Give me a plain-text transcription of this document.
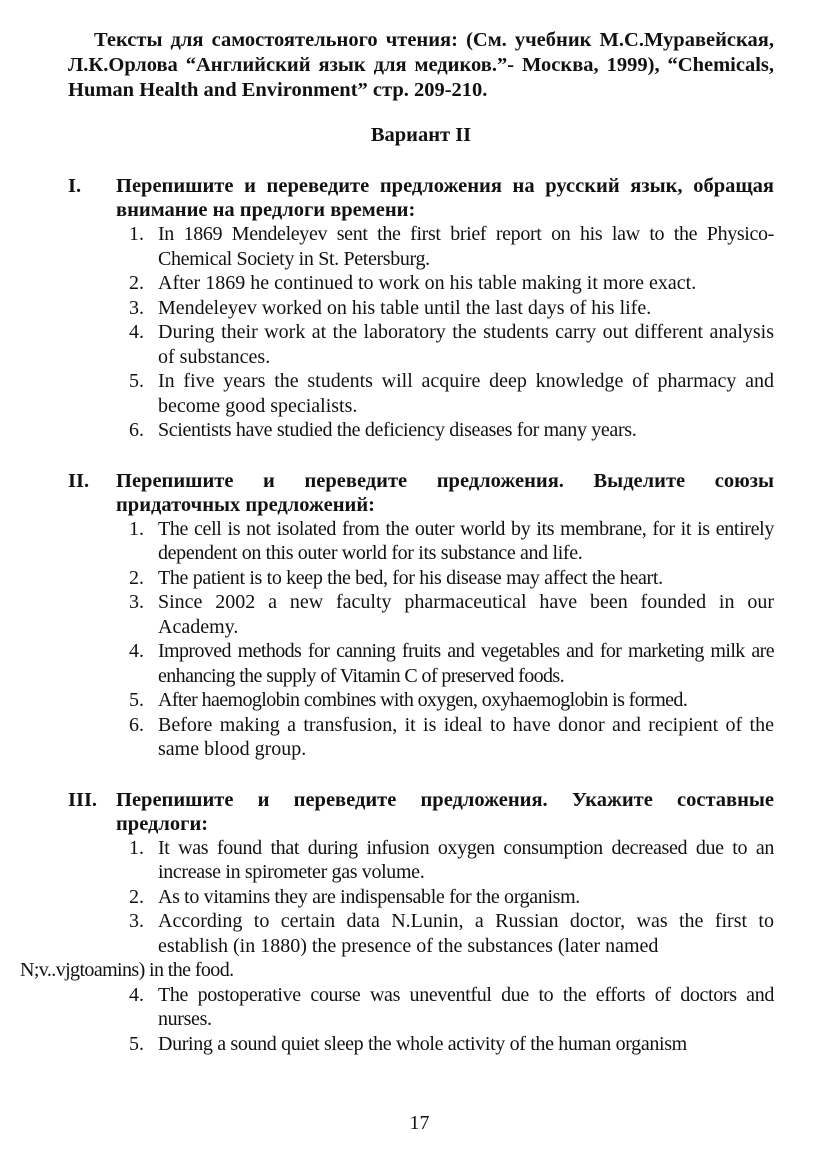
Тексты для самостоятельного чтения: (См. учебник М.С.Муравейская, Л.К.Орлова “Английский язык для медиков.”- Москва, 1999), “Chemicals, Human Health and Environment” стр. 209-210.

Вариант II
I.	Перепишите и переведите предложения на русский язык, обращая внимание на предлоги времени:
1. In 1869 Mendeleyev sent the first brief report on his law to the Physico-Chemical Society in St. Petersburg.
2. After 1869 he continued to work on his table making it more exact.
3. Mendeleyev worked on his table until the last days of his life.
4. During their work at the laboratory the students carry out different analysis of substances.
5. In five years the students will acquire deep knowledge of pharmacy and become good specialists.
6. Scientists have studied the deficiency diseases for many years.
II.	Перепишите и переведите предложения. Выделите союзы придаточных предложений:
1. The cell is not isolated from the outer world by its membrane, for it is entirely dependent on this outer world for its substance and life.
2. The patient is to keep the bed, for his disease may affect the heart.
3. Since 2002 a new faculty pharmaceutical have been founded in our Academy.
4. Improved methods for canning fruits and vegetables and for marketing milk are enhancing the supply of Vitamin C of preserved foods.
5. After haemoglobin combines with oxygen, oxyhaemoglobin is formed.
6. Before making a transfusion, it is ideal to have donor and recipient of the same blood group.
III. Перепишите и переведите предложения. Укажите составные предлоги:
1. It was found that during infusion oxygen consumption decreased due to an increase in spirometer gas volume.
2. As to vitamins they are indispensable for the organism.
3. According to certain data N.Lunin, a Russian doctor, was the first to establish (in 1880) the presence of the substances (later named
N;v..vjgtoamins) in the food.
4. The postoperative course was uneventful due to the efforts of doctors and nurses.
5. During a sound quiet sleep the whole activity of the human organism
17
